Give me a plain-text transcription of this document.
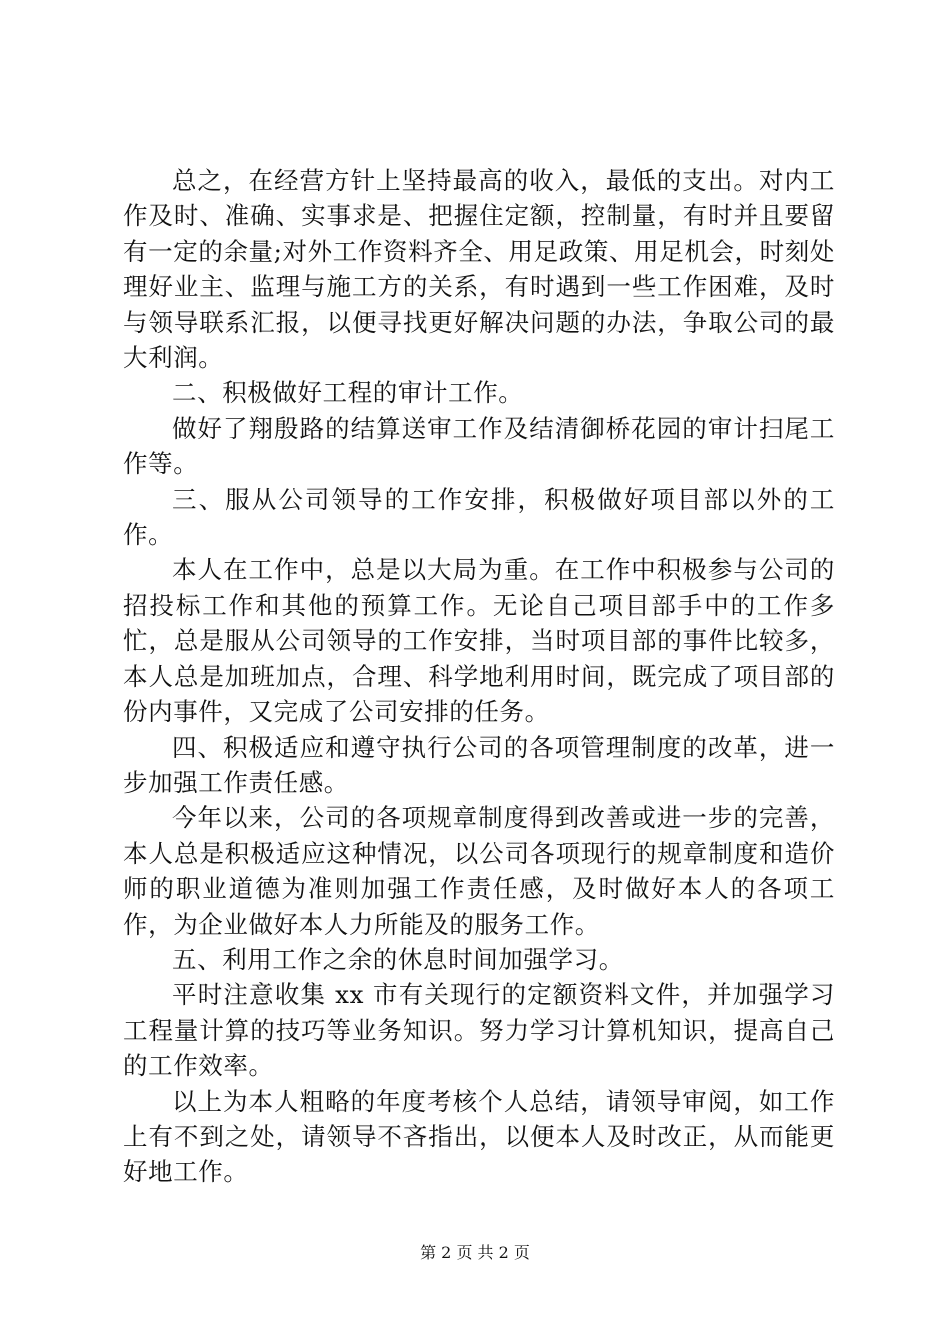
总之，在经营方针上坚持最高的收入，最低的支出。对内工作及时、准确、实事求是、把握住定额，控制量，有时并且要留有一定的余量;对外工作资料齐全、用足政策、用足机会，时刻处理好业主、监理与施工方的关系，有时遇到一些工作困难，及时与领导联系汇报，以便寻找更好解决问题的办法，争取公司的最大利润。

二、积极做好工程的审计工作。

做好了翔殷路的结算送审工作及结清御桥花园的审计扫尾工作等。

三、服从公司领导的工作安排，积极做好项目部以外的工作。

本人在工作中，总是以大局为重。在工作中积极参与公司的招投标工作和其他的预算工作。无论自己项目部手中的工作多忙，总是服从公司领导的工作安排，当时项目部的事件比较多，本人总是加班加点，合理、科学地利用时间，既完成了项目部的份内事件，又完成了公司安排的任务。

四、积极适应和遵守执行公司的各项管理制度的改革，进一步加强工作责任感。

今年以来，公司的各项规章制度得到改善或进一步的完善，本人总是积极适应这种情况，以公司各项现行的规章制度和造价师的职业道德为准则加强工作责任感，及时做好本人的各项工作，为企业做好本人力所能及的服务工作。

五、利用工作之余的休息时间加强学习。

平时注意收集 xx 市有关现行的定额资料文件，并加强学习工程量计算的技巧等业务知识。努力学习计算机知识，提高自己的工作效率。

以上为本人粗略的年度考核个人总结，请领导审阅，如工作上有不到之处，请领导不吝指出，以便本人及时改正，从而能更好地工作。

第 2 页 共 2 页
